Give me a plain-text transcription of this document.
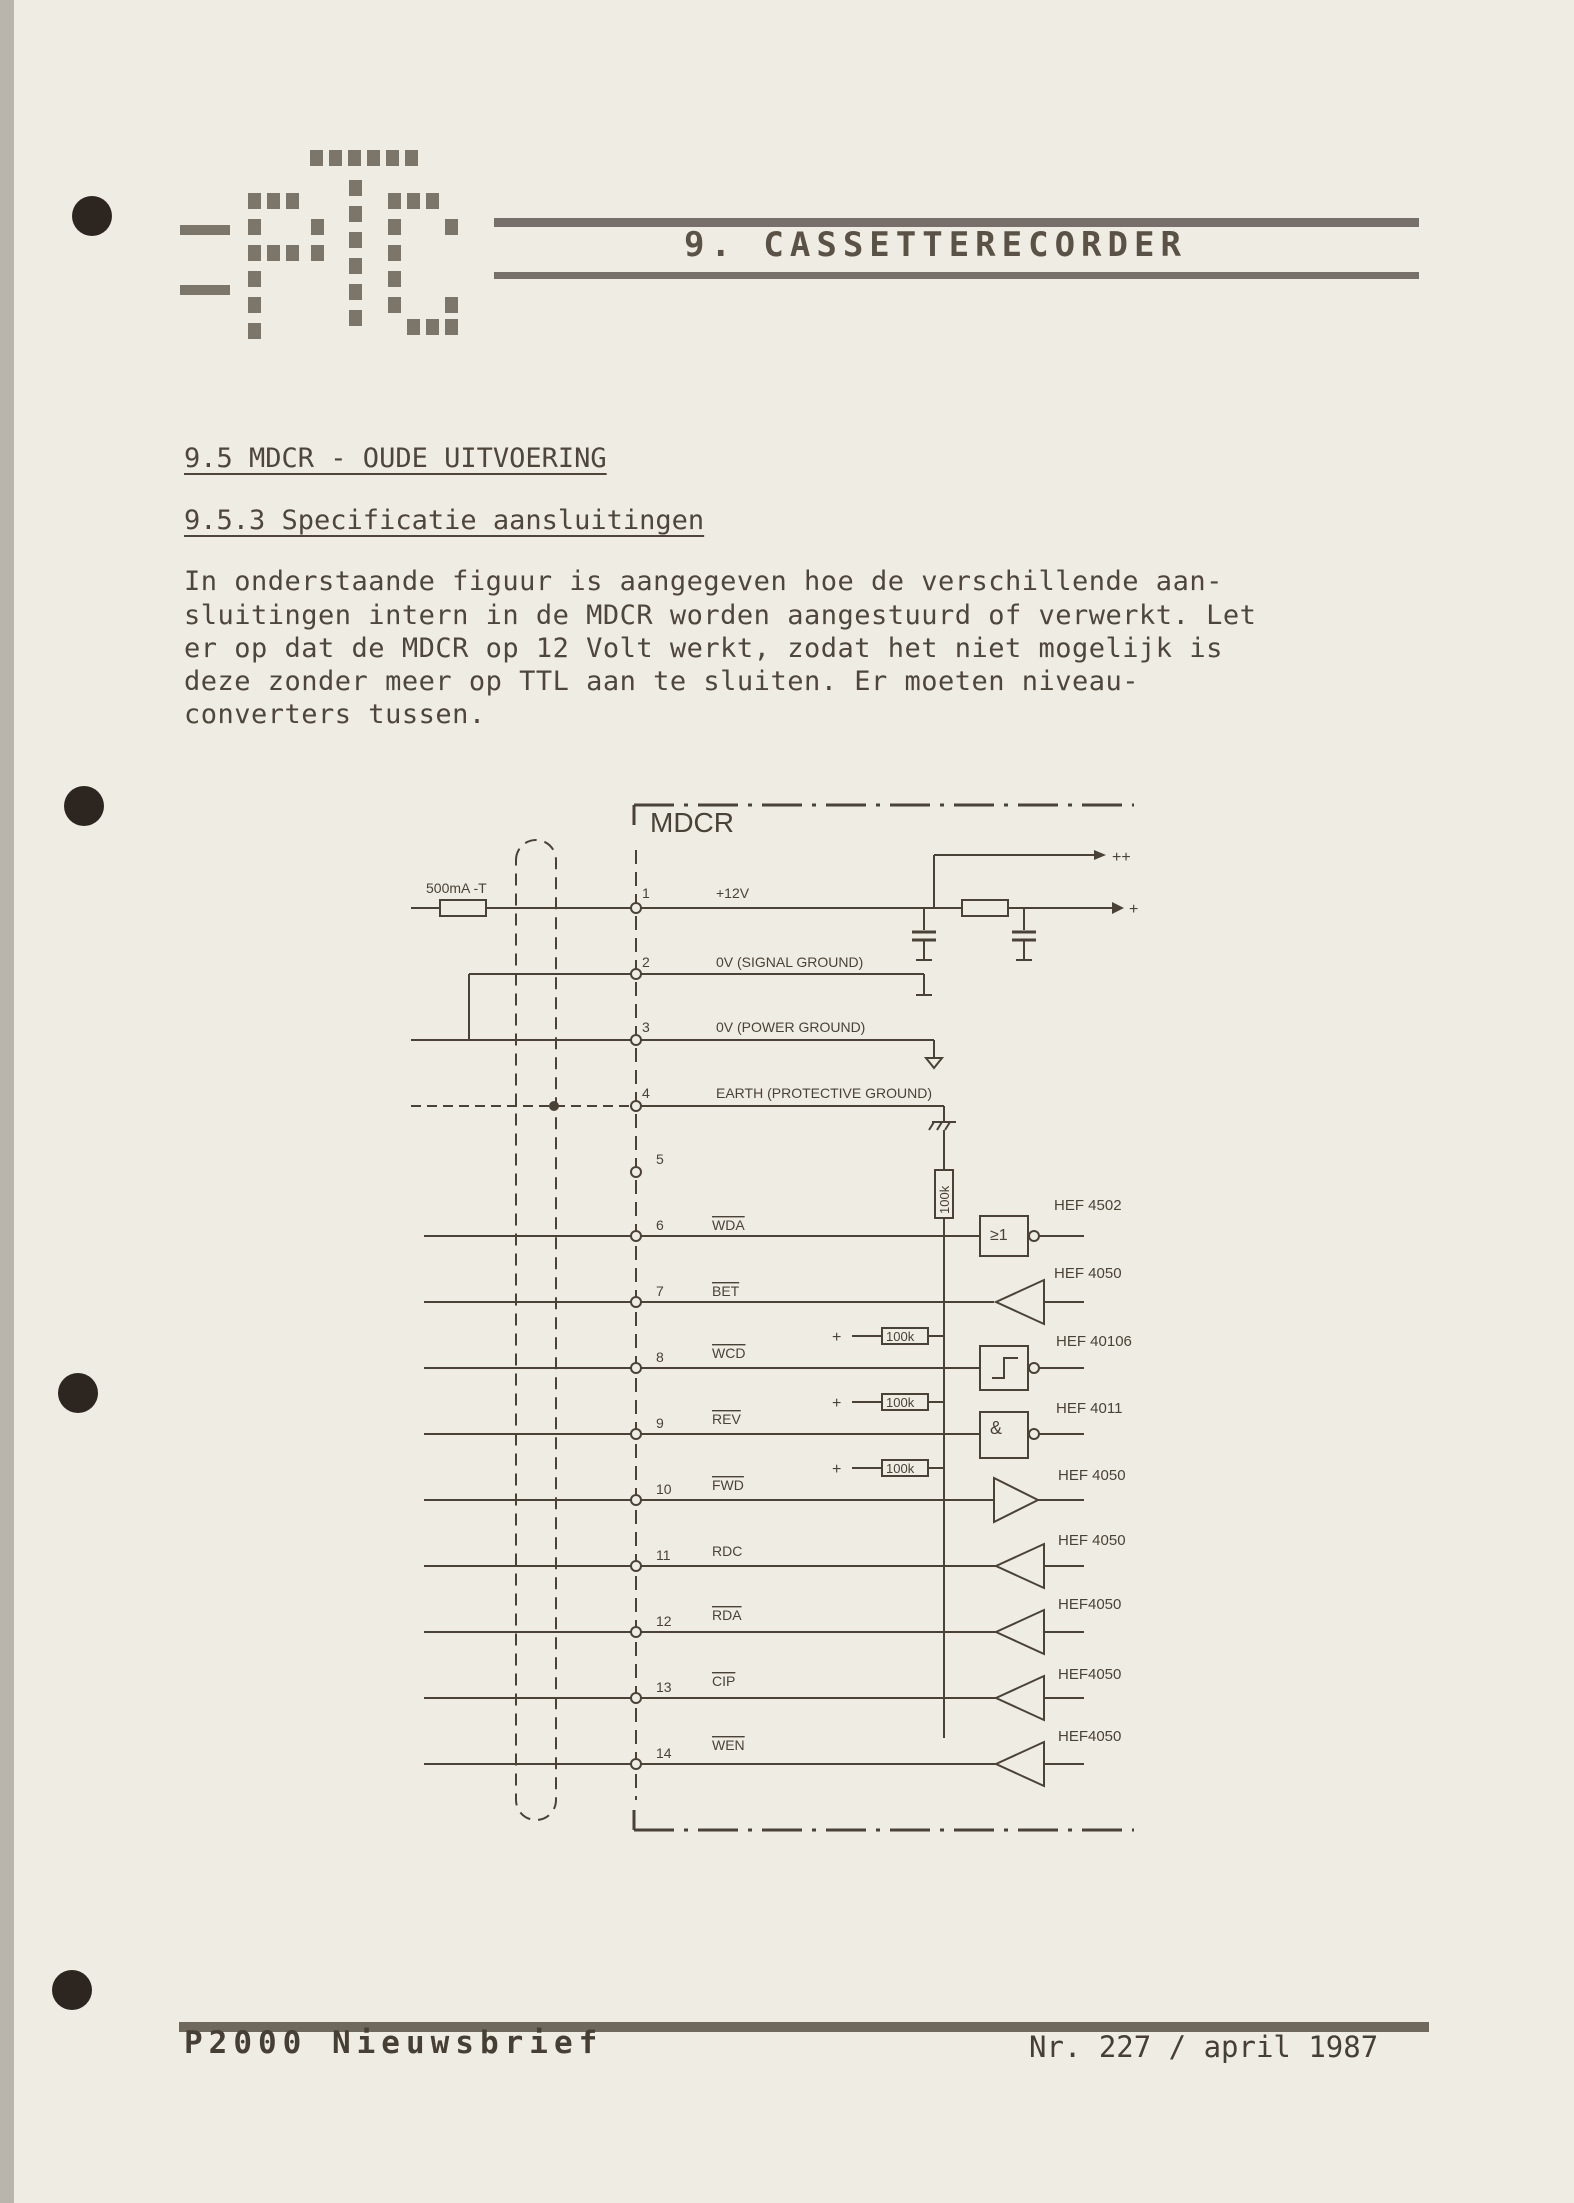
9. CASSETTERECORDER
9.5 MDCR - OUDE UITVOERING
9.5.3 Specificatie aansluitingen
In onderstaande figuur is aangegeven hoe de verschillende aan-
sluitingen intern in de MDCR worden aangestuurd of verwerkt. Let
er op dat de MDCR op 12 Volt werkt, zodat het niet mogelijk is
deze zonder meer op TTL aan te sluiten. Er moeten niveau-
converters tussen.
MDCR
500mA -T
++
+
100k
1	+12V
2	0V (SIGNAL GROUND)
3	0V (POWER GROUND)
4	EARTH (PROTECTIVE GROUND)
5
6	WDA
7	BET
8	WCD
9	REV
10	FWD
11	RDC
12	RDA
13	CIP
14	WEN
≥1
&
100k
100k
100k
+
+
+
HEF 4502
HEF 4050
HEF 40106
HEF 4011
HEF 4050
HEF 4050
HEF4050
HEF4050
HEF4050
P2000 Nieuwsbrief	Nr. 227 / april 1987
